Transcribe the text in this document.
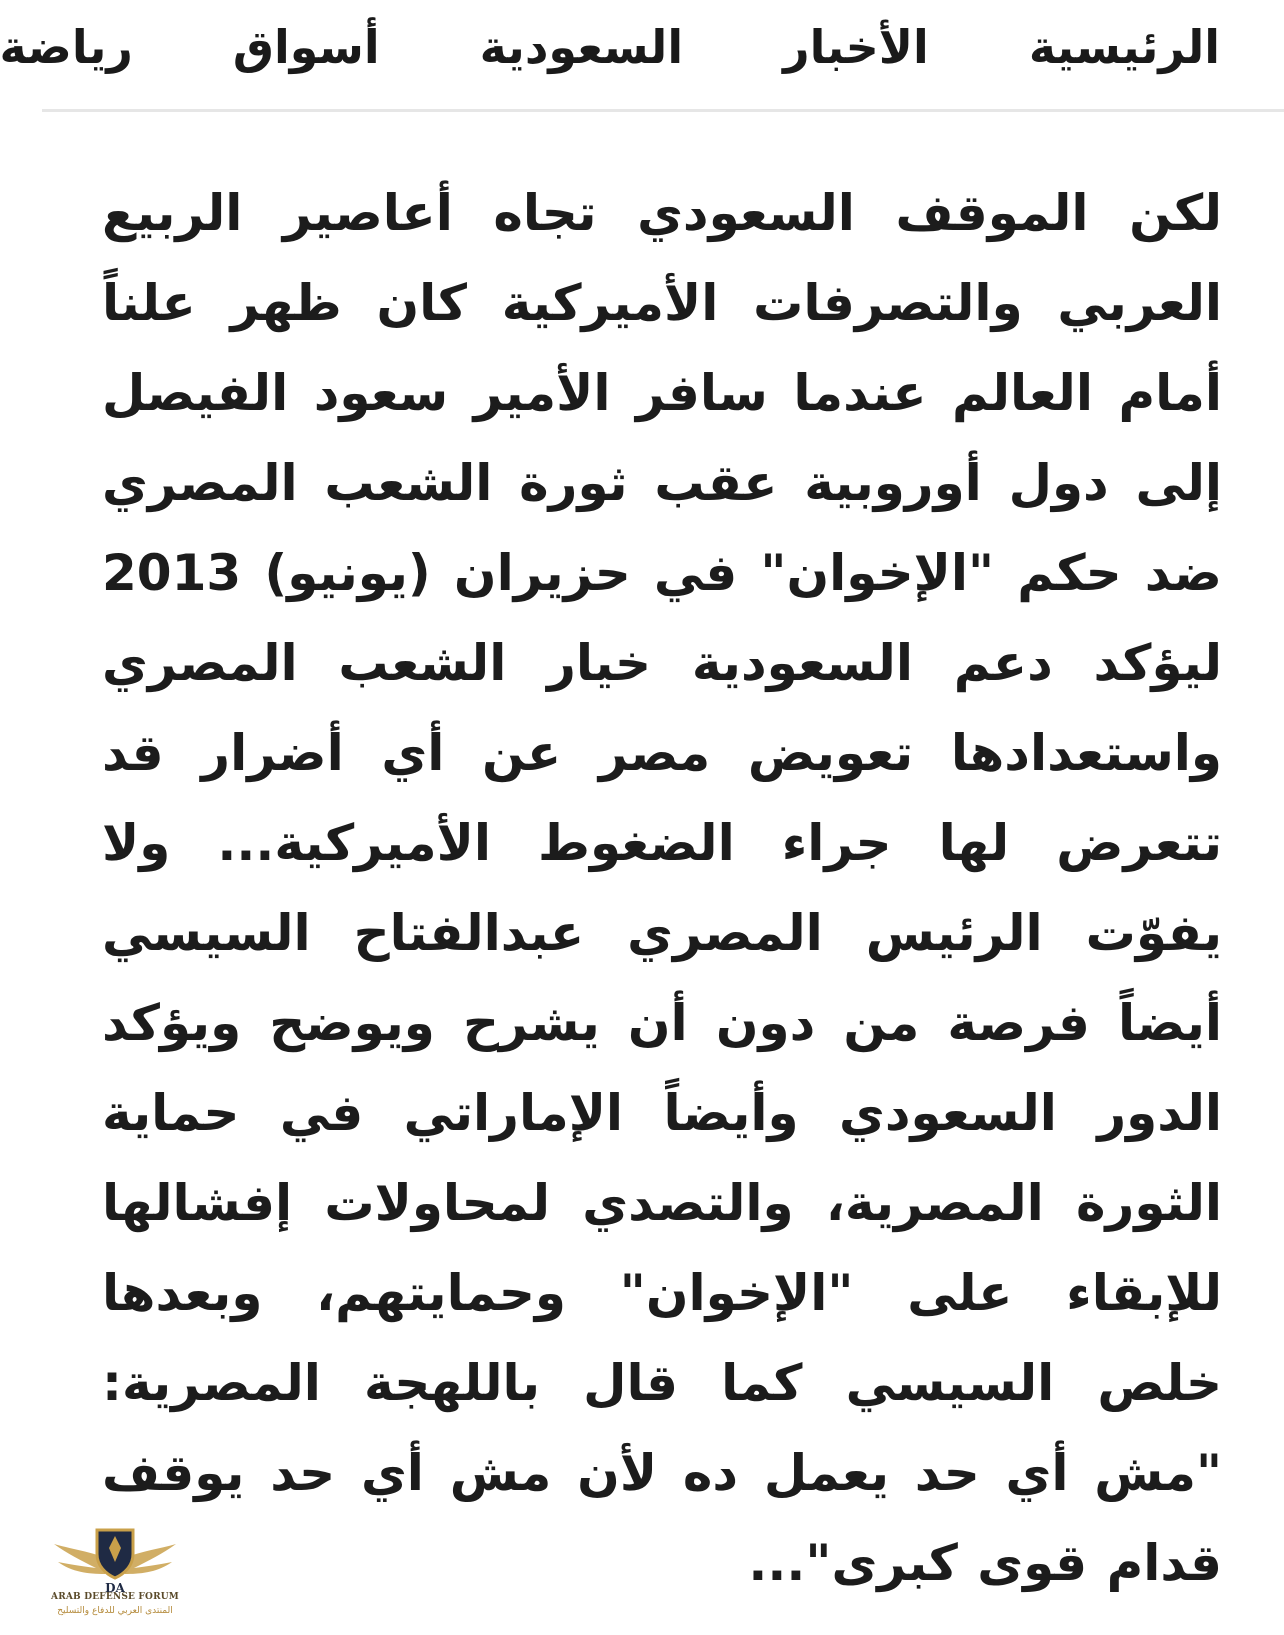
الرئيسية
الأخبار
السعودية
أسواق
رياضة

لكن الموقف السعودي تجاه أعاصير الربيع العربي والتصرفات الأميركية كان ظهر علناً أمام العالم عندما سافر الأمير سعود الفيصل إلى دول أوروبية عقب ثورة الشعب المصري ضد حكم "الإخوان" في حزيران (يونيو) 2013 ليؤكد دعم السعودية خيار الشعب المصري واستعدادها تعويض مصر عن أي أضرار قد تتعرض لها جراء الضغوط الأميركية... ولا يفوّت الرئيس المصري عبدالفتاح السيسي أيضاً فرصة من دون أن يشرح ويوضح ويؤكد الدور السعودي وأيضاً الإماراتي في حماية الثورة المصرية، والتصدي لمحاولات إفشالها للإبقاء على "الإخوان" وحمايتهم، وبعدها خلص السيسي كما قال باللهجة المصرية: "مش أي حد يعمل ده لأن مش أي حد يوقف قدام قوى كبرى"...

DA
ARAB DEFENSE FORUM
المنتدى العربي للدفاع والتسليح
